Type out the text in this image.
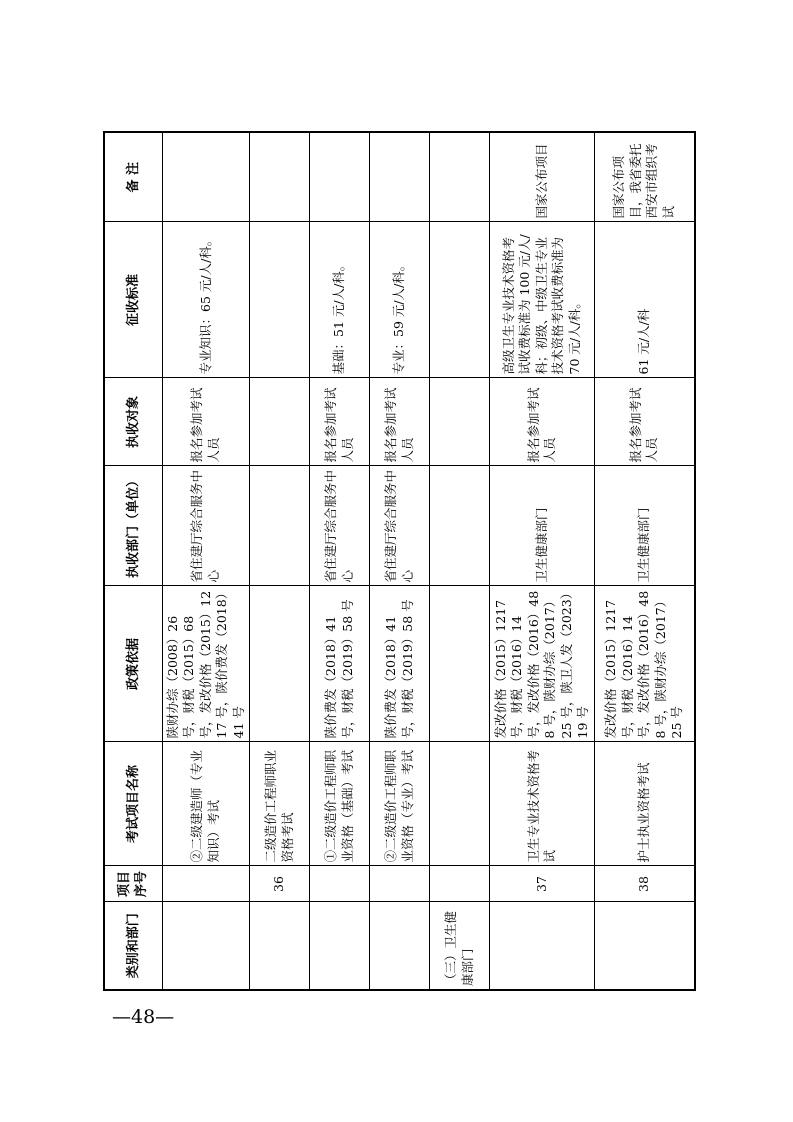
类别和部门	项目序号	考试项目名称	政策依据	执收部门（单位）	执收对象	征收标准	备 注
		②二级建造师（专业知识）考试	陕财办综（2008）26 号，财税（2015）68 号，发改价格（2015）1217 号，陕价费发（2018）41 号	省住建厅综合服务中心	报名参加考试人员	专业知识：65 元/人/科。	
	36	二级造价工程师职业资格考试					
		①二级造价工程师职业资格（基础）考试	陕价费发（2018）41 号，财税（2019）58 号	省住建厅综合服务中心	报名参加考试人员	基础：51 元/人/科。	
		②二级造价工程师职业资格（专业）考试	陕价费发（2018）41 号，财税（2019）58 号	省住建厅综合服务中心	报名参加考试人员	专业：59 元/人/科。	
（三）卫生健康部门							
	37	卫生专业技术资格考试	发改价格（2015）1217 号，财税（2016）14 号，发改价格（2016）488 号，陕财办综（2017）25 号，陕卫人发（2023）19 号	卫生健康部门	报名参加考试人员	高级卫生专业技术资格考试收费标准为 100 元/人/科；初级、中级卫生专业技术资格考试收费标准为 70 元/人/科。	国家公布项目
	38	护士执业资格考试	发改价格（2015）1217 号，财税（2016）14 号，发改价格（2016）488 号，陕财办综（2017）25 号	卫生健康部门	报名参加考试人员	61 元/人/科	国家公布项目，我省委托西安市组织考试
—48—
